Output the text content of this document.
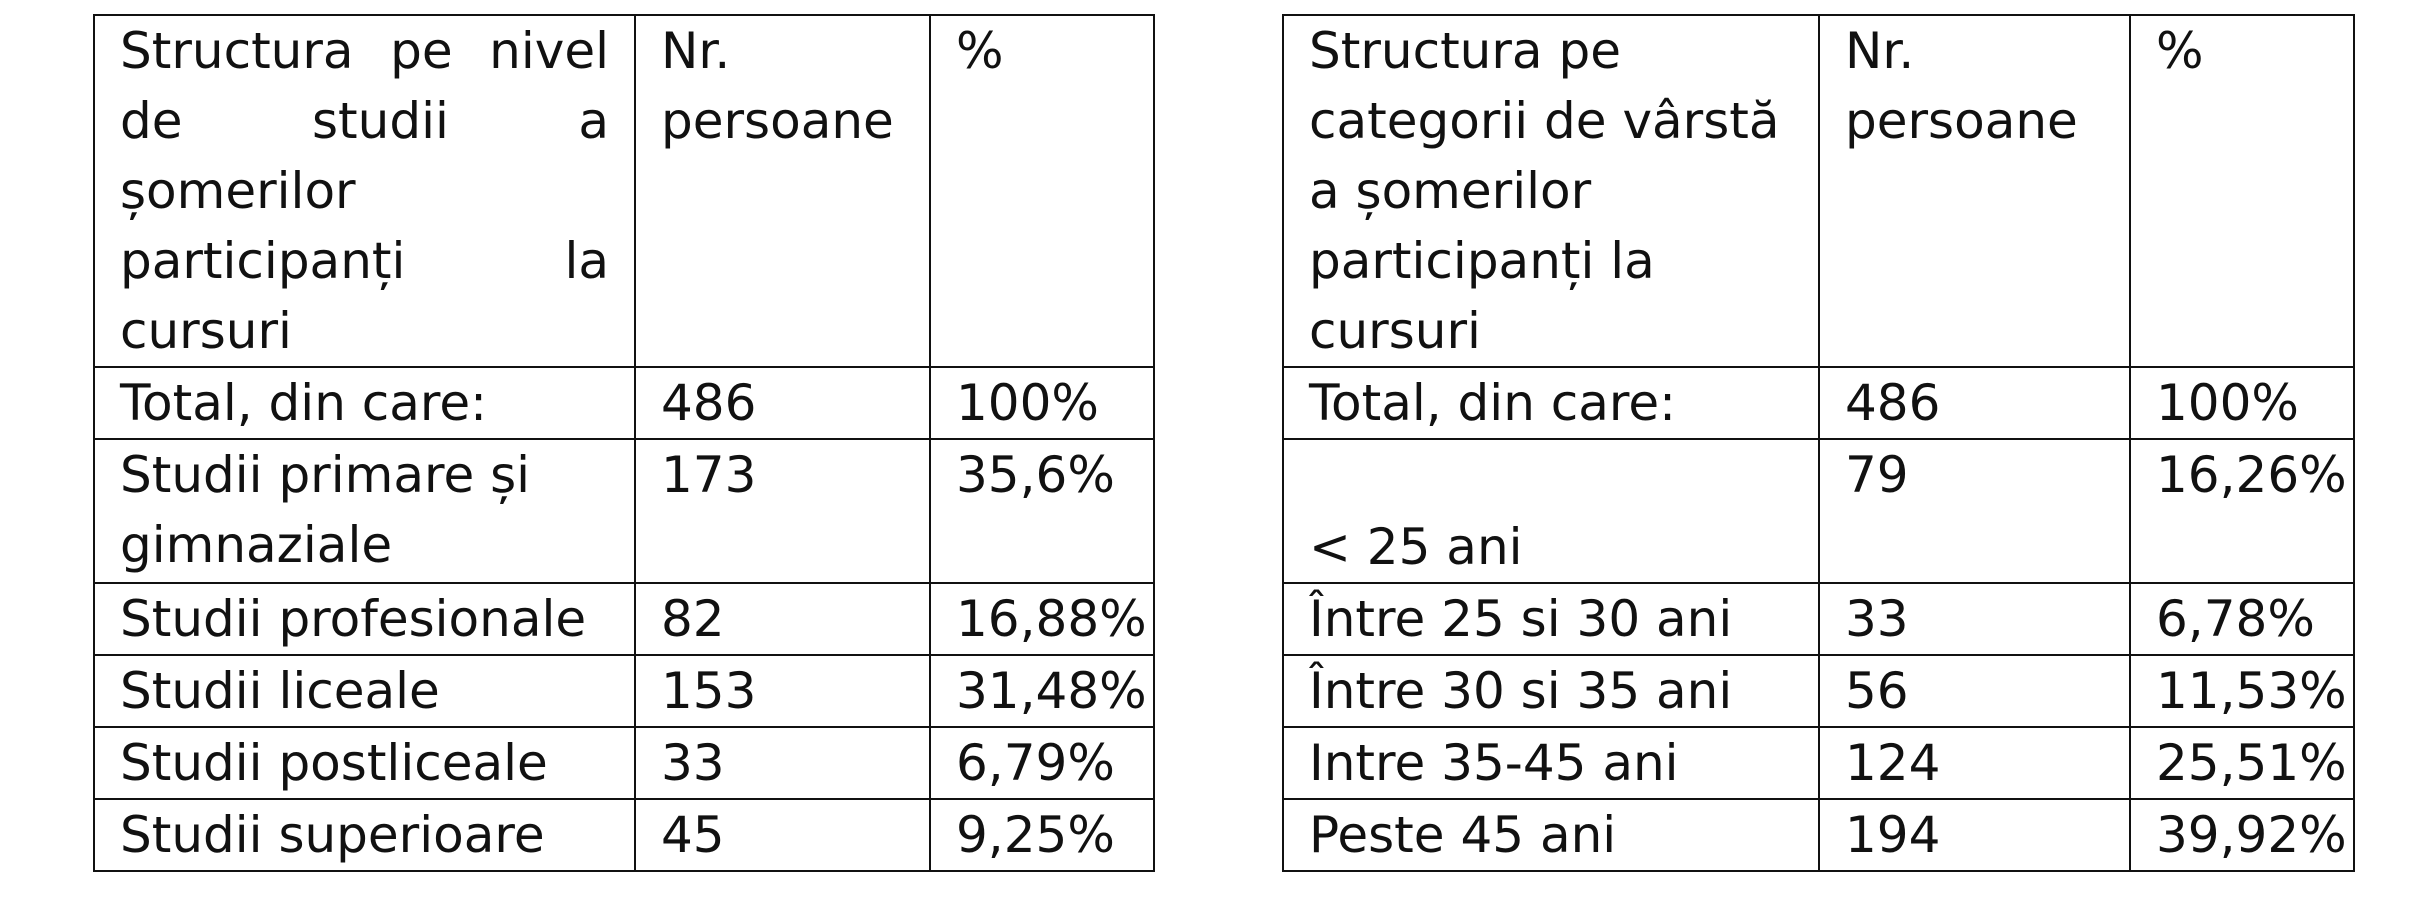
Structura pe nivel de studii a șomerilor participanți la cursuri	Nr. persoane	%
Total, din care:	486	100%
Studii primare și gimnaziale	173	35,6%
Studii profesionale	82	16,88%
Studii liceale	153	31,48%
Studii postliceale	33	6,79%
Studii superioare	45	9,25%
Structura pe categorii de vârstă a șomerilor participanți la cursuri	Nr. persoane	%
Total, din care:	486	100%
< 25 ani	79	16,26%
Între 25 si 30 ani	33	6,78%
Între 30 si 35 ani	56	11,53%
Intre 35-45 ani	124	25,51%
Peste 45 ani	194	39,92%
